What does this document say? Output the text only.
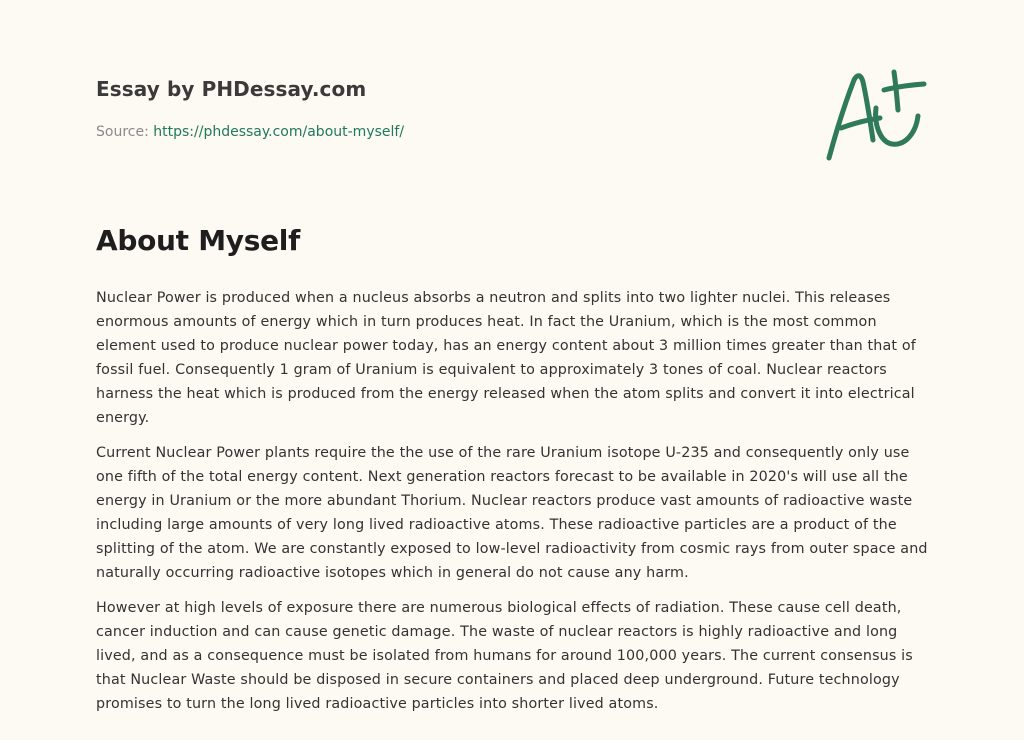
Essay by PHDessay.com
Source: https://phdessay.com/about-myself/
About Myself

Nuclear Power is produced when a nucleus absorbs a neutron and splits into two lighter nuclei. This releases enormous amounts of energy which in turn produces heat. In fact the Uranium, which is the most common element used to produce nuclear power today, has an energy content about 3 million times greater than that of fossil fuel. Consequently 1 gram of Uranium is equivalent to approximately 3 tones of coal. Nuclear reactors harness the heat which is produced from the energy released when the atom splits and convert it into electrical energy.

Current Nuclear Power plants require the the use of the rare Uranium isotope U-235 and consequently only use one fifth of the total energy content. Next generation reactors forecast to be available in 2020's will use all the energy in Uranium or the more abundant Thorium. Nuclear reactors produce vast amounts of radioactive waste including large amounts of very long lived radioactive atoms. These radioactive particles are a product of the splitting of the atom. We are constantly exposed to low-level radioactivity from cosmic rays from outer space and naturally occurring radioactive isotopes which in general do not cause any harm.

However at high levels of exposure there are numerous biological effects of radiation. These cause cell death, cancer induction and can cause genetic damage. The waste of nuclear reactors is highly radioactive and long lived, and as a consequence must be isolated from humans for around 100,000 years. The current consensus is that Nuclear Waste should be disposed in secure containers and placed deep underground. Future technology promises to turn the long lived radioactive particles into shorter lived atoms.
